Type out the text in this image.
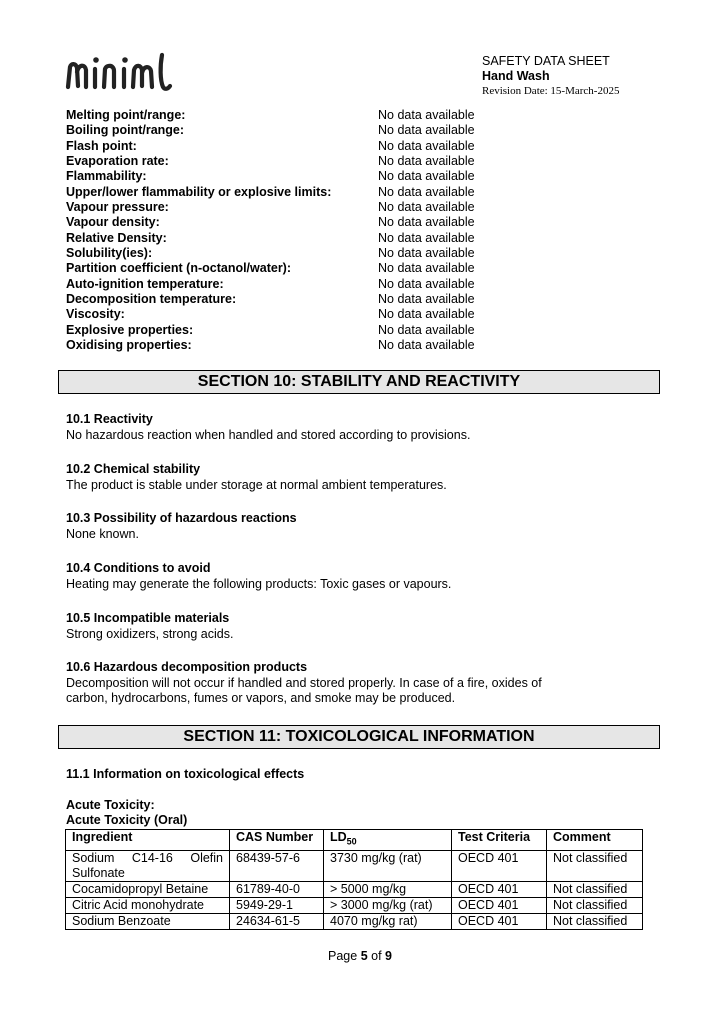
SAFETY DATA SHEET
Hand Wash
Revision Date: 15-March-2025
Melting point/range:	No data available
Boiling point/range:	No data available
Flash point:	No data available
Evaporation rate:	No data available
Flammability:	No data available
Upper/lower flammability or explosive limits:	No data available
Vapour pressure:	No data available
Vapour density:	No data available
Relative Density:	No data available
Solubility(ies):	No data available
Partition coefficient (n-octanol/water):	No data available
Auto-ignition temperature:	No data available
Decomposition temperature:	No data available
Viscosity:	No data available
Explosive properties:	No data available
Oxidising properties:	No data available
SECTION 10: STABILITY AND REACTIVITY
10.1 Reactivity
No hazardous reaction when handled and stored according to provisions.
10.2 Chemical stability
The product is stable under storage at normal ambient temperatures.
10.3 Possibility of hazardous reactions
None known.
10.4 Conditions to avoid
Heating may generate the following products: Toxic gases or vapours.
10.5 Incompatible materials
Strong oxidizers, strong acids.
10.6 Hazardous decomposition products
Decomposition will not occur if handled and stored properly. In case of a fire, oxides of
carbon, hydrocarbons, fumes or vapors, and smoke may be produced.
SECTION 11: TOXICOLOGICAL INFORMATION
11.1 Information on toxicological effects
Acute Toxicity:
Acute Toxicity (Oral)
Ingredient	CAS Number	$LD_{50}$	Test Criteria	Comment

Sodium C14-16 Olefin
Sulfonate	68439-57-6	3730 mg/kg (rat)	OECD 401	Not classified
Cocamidopropyl Betaine	61789-40-0	> 5000 mg/kg	OECD 401	Not classified
Citric Acid monohydrate	5949-29-1	> 3000 mg/kg (rat)	OECD 401	Not classified
Sodium Benzoate	24634-61-5	4070 mg/kg rat)	OECD 401	Not classified
Page 5 of 9
